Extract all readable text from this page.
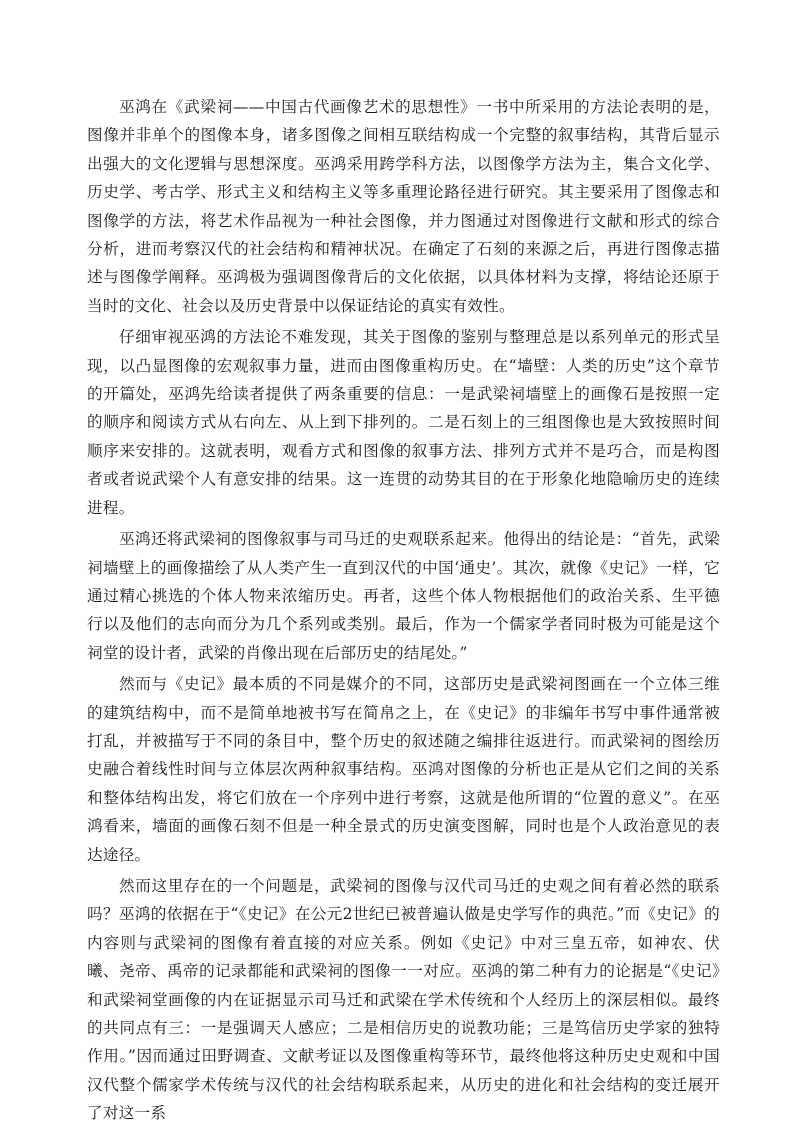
巫鸿在《武梁祠——中国古代画像艺术的思想性》一书中所采用的方法论表明的是，图像并非单个的图像本身，诸多图像之间相互联结构成一个完整的叙事结构，其背后显示出强大的文化逻辑与思想深度。巫鸿采用跨学科方法，以图像学方法为主，集合文化学、历史学、考古学、形式主义和结构主义等多重理论路径进行研究。其主要采用了图像志和图像学的方法，将艺术作品视为一种社会图像，并力图通过对图像进行文献和形式的综合分析，进而考察汉代的社会结构和精神状况。在确定了石刻的来源之后，再进行图像志描述与图像学阐释。巫鸿极为强调图像背后的文化依据，以具体材料为支撑，将结论还原于当时的文化、社会以及历史背景中以保证结论的真实有效性。

仔细审视巫鸿的方法论不难发现，其关于图像的鉴别与整理总是以系列单元的形式呈现，以凸显图像的宏观叙事力量，进而由图像重构历史。在“墙壁：人类的历史”这个章节的开篇处，巫鸿先给读者提供了两条重要的信息：一是武梁祠墙壁上的画像石是按照一定的顺序和阅读方式从右向左、从上到下排列的。二是石刻上的三组图像也是大致按照时间顺序来安排的。这就表明，观看方式和图像的叙事方法、排列方式并不是巧合，而是构图者或者说武梁个人有意安排的结果。这一连贯的动势其目的在于形象化地隐喻历史的连续进程。

巫鸿还将武梁祠的图像叙事与司马迁的史观联系起来。他得出的结论是：“首先，武梁祠墙壁上的画像描绘了从人类产生一直到汉代的中国‘通史’。其次，就像《史记》一样，它通过精心挑选的个体人物来浓缩历史。再者，这些个体人物根据他们的政治关系、生平德行以及他们的志向而分为几个系列或类别。最后，作为一个儒家学者同时极为可能是这个祠堂的设计者，武梁的肖像出现在后部历史的结尾处。”

然而与《史记》最本质的不同是媒介的不同，这部历史是武梁祠图画在一个立体三维的建筑结构中，而不是简单地被书写在简帛之上，在《史记》的非编年书写中事件通常被打乱，并被描写于不同的条目中，整个历史的叙述随之编排往返进行。而武梁祠的图绘历史融合着线性时间与立体层次两种叙事结构。巫鸿对图像的分析也正是从它们之间的关系和整体结构出发，将它们放在一个序列中进行考察，这就是他所谓的“位置的意义”。在巫鸿看来，墙面的画像石刻不但是一种全景式的历史演变图解，同时也是个人政治意见的表达途径。

然而这里存在的一个问题是，武梁祠的图像与汉代司马迁的史观之间有着必然的联系吗？巫鸿的依据在于“《史记》在公元2世纪已被普遍认做是史学写作的典范。”而《史记》的内容则与武梁祠的图像有着直接的对应关系。例如《史记》中对三皇五帝，如神农、伏曦、尧帝、禹帝的记录都能和武梁祠的图像一一对应。巫鸿的第二种有力的论据是“《史记》和武梁祠堂画像的内在证据显示司马迁和武梁在学术传统和个人经历上的深层相似。最终的共同点有三：一是强调天人感应；二是相信历史的说教功能；三是笃信历史学家的独特作用。”因而通过田野调查、文献考证以及图像重构等环节，最终他将这种历史史观和中国汉代整个儒家学术传统与汉代的社会结构联系起来，从历史的进化和社会结构的变迁展开了对这一系
